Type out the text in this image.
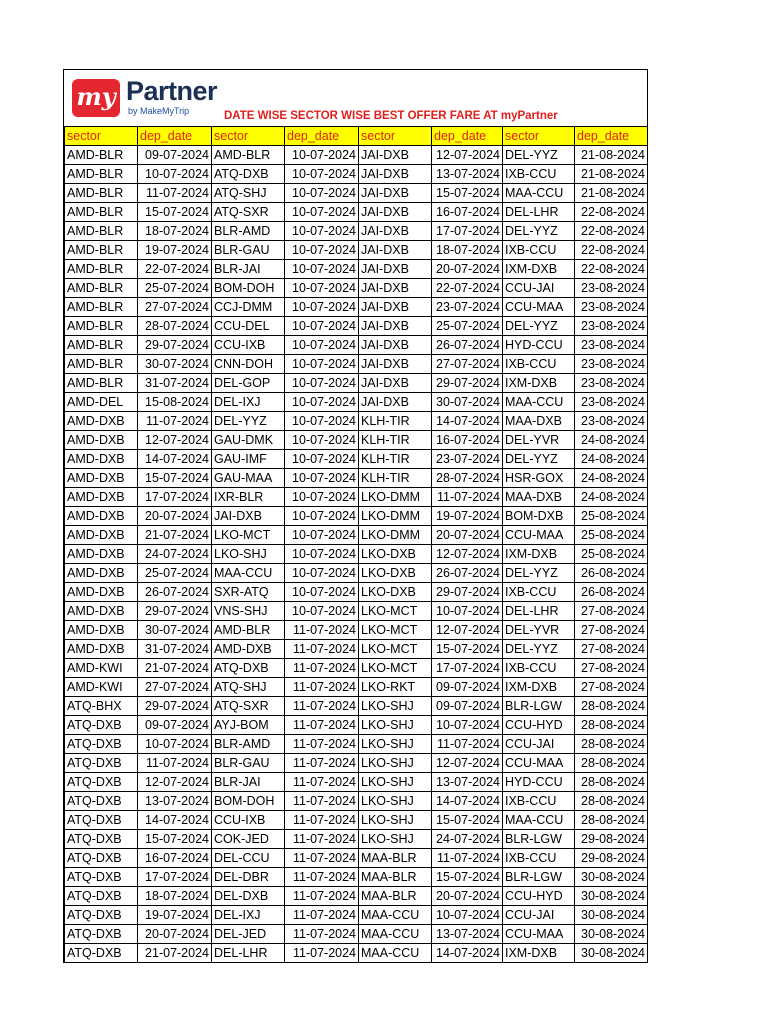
my Partner
by MakeMyTrip	DATE WISE SECTOR WISE BEST OFFER FARE AT myPartner
sector	dep_date	sector	dep_date	sector	dep_date	sector	dep_date
AMD-BLR	09-07-2024	AMD-BLR	10-07-2024	JAI-DXB	12-07-2024	DEL-YYZ	21-08-2024
AMD-BLR	10-07-2024	ATQ-DXB	10-07-2024	JAI-DXB	13-07-2024	IXB-CCU	21-08-2024
AMD-BLR	11-07-2024	ATQ-SHJ	10-07-2024	JAI-DXB	15-07-2024	MAA-CCU	21-08-2024
AMD-BLR	15-07-2024	ATQ-SXR	10-07-2024	JAI-DXB	16-07-2024	DEL-LHR	22-08-2024
AMD-BLR	18-07-2024	BLR-AMD	10-07-2024	JAI-DXB	17-07-2024	DEL-YYZ	22-08-2024
AMD-BLR	19-07-2024	BLR-GAU	10-07-2024	JAI-DXB	18-07-2024	IXB-CCU	22-08-2024
AMD-BLR	22-07-2024	BLR-JAI	10-07-2024	JAI-DXB	20-07-2024	IXM-DXB	22-08-2024
AMD-BLR	25-07-2024	BOM-DOH	10-07-2024	JAI-DXB	22-07-2024	CCU-JAI	23-08-2024
AMD-BLR	27-07-2024	CCJ-DMM	10-07-2024	JAI-DXB	23-07-2024	CCU-MAA	23-08-2024
AMD-BLR	28-07-2024	CCU-DEL	10-07-2024	JAI-DXB	25-07-2024	DEL-YYZ	23-08-2024
AMD-BLR	29-07-2024	CCU-IXB	10-07-2024	JAI-DXB	26-07-2024	HYD-CCU	23-08-2024
AMD-BLR	30-07-2024	CNN-DOH	10-07-2024	JAI-DXB	27-07-2024	IXB-CCU	23-08-2024
AMD-BLR	31-07-2024	DEL-GOP	10-07-2024	JAI-DXB	29-07-2024	IXM-DXB	23-08-2024
AMD-DEL	15-08-2024	DEL-IXJ	10-07-2024	JAI-DXB	30-07-2024	MAA-CCU	23-08-2024
AMD-DXB	11-07-2024	DEL-YYZ	10-07-2024	KLH-TIR	14-07-2024	MAA-DXB	23-08-2024
AMD-DXB	12-07-2024	GAU-DMK	10-07-2024	KLH-TIR	16-07-2024	DEL-YVR	24-08-2024
AMD-DXB	14-07-2024	GAU-IMF	10-07-2024	KLH-TIR	23-07-2024	DEL-YYZ	24-08-2024
AMD-DXB	15-07-2024	GAU-MAA	10-07-2024	KLH-TIR	28-07-2024	HSR-GOX	24-08-2024
AMD-DXB	17-07-2024	IXR-BLR	10-07-2024	LKO-DMM	11-07-2024	MAA-DXB	24-08-2024
AMD-DXB	20-07-2024	JAI-DXB	10-07-2024	LKO-DMM	19-07-2024	BOM-DXB	25-08-2024
AMD-DXB	21-07-2024	LKO-MCT	10-07-2024	LKO-DMM	20-07-2024	CCU-MAA	25-08-2024
AMD-DXB	24-07-2024	LKO-SHJ	10-07-2024	LKO-DXB	12-07-2024	IXM-DXB	25-08-2024
AMD-DXB	25-07-2024	MAA-CCU	10-07-2024	LKO-DXB	26-07-2024	DEL-YYZ	26-08-2024
AMD-DXB	26-07-2024	SXR-ATQ	10-07-2024	LKO-DXB	29-07-2024	IXB-CCU	26-08-2024
AMD-DXB	29-07-2024	VNS-SHJ	10-07-2024	LKO-MCT	10-07-2024	DEL-LHR	27-08-2024
AMD-DXB	30-07-2024	AMD-BLR	11-07-2024	LKO-MCT	12-07-2024	DEL-YVR	27-08-2024
AMD-DXB	31-07-2024	AMD-DXB	11-07-2024	LKO-MCT	15-07-2024	DEL-YYZ	27-08-2024
AMD-KWI	21-07-2024	ATQ-DXB	11-07-2024	LKO-MCT	17-07-2024	IXB-CCU	27-08-2024
AMD-KWI	27-07-2024	ATQ-SHJ	11-07-2024	LKO-RKT	09-07-2024	IXM-DXB	27-08-2024
ATQ-BHX	29-07-2024	ATQ-SXR	11-07-2024	LKO-SHJ	09-07-2024	BLR-LGW	28-08-2024
ATQ-DXB	09-07-2024	AYJ-BOM	11-07-2024	LKO-SHJ	10-07-2024	CCU-HYD	28-08-2024
ATQ-DXB	10-07-2024	BLR-AMD	11-07-2024	LKO-SHJ	11-07-2024	CCU-JAI	28-08-2024
ATQ-DXB	11-07-2024	BLR-GAU	11-07-2024	LKO-SHJ	12-07-2024	CCU-MAA	28-08-2024
ATQ-DXB	12-07-2024	BLR-JAI	11-07-2024	LKO-SHJ	13-07-2024	HYD-CCU	28-08-2024
ATQ-DXB	13-07-2024	BOM-DOH	11-07-2024	LKO-SHJ	14-07-2024	IXB-CCU	28-08-2024
ATQ-DXB	14-07-2024	CCU-IXB	11-07-2024	LKO-SHJ	15-07-2024	MAA-CCU	28-08-2024
ATQ-DXB	15-07-2024	COK-JED	11-07-2024	LKO-SHJ	24-07-2024	BLR-LGW	29-08-2024
ATQ-DXB	16-07-2024	DEL-CCU	11-07-2024	MAA-BLR	11-07-2024	IXB-CCU	29-08-2024
ATQ-DXB	17-07-2024	DEL-DBR	11-07-2024	MAA-BLR	15-07-2024	BLR-LGW	30-08-2024
ATQ-DXB	18-07-2024	DEL-DXB	11-07-2024	MAA-BLR	20-07-2024	CCU-HYD	30-08-2024
ATQ-DXB	19-07-2024	DEL-IXJ	11-07-2024	MAA-CCU	10-07-2024	CCU-JAI	30-08-2024
ATQ-DXB	20-07-2024	DEL-JED	11-07-2024	MAA-CCU	13-07-2024	CCU-MAA	30-08-2024
ATQ-DXB	21-07-2024	DEL-LHR	11-07-2024	MAA-CCU	14-07-2024	IXM-DXB	30-08-2024
